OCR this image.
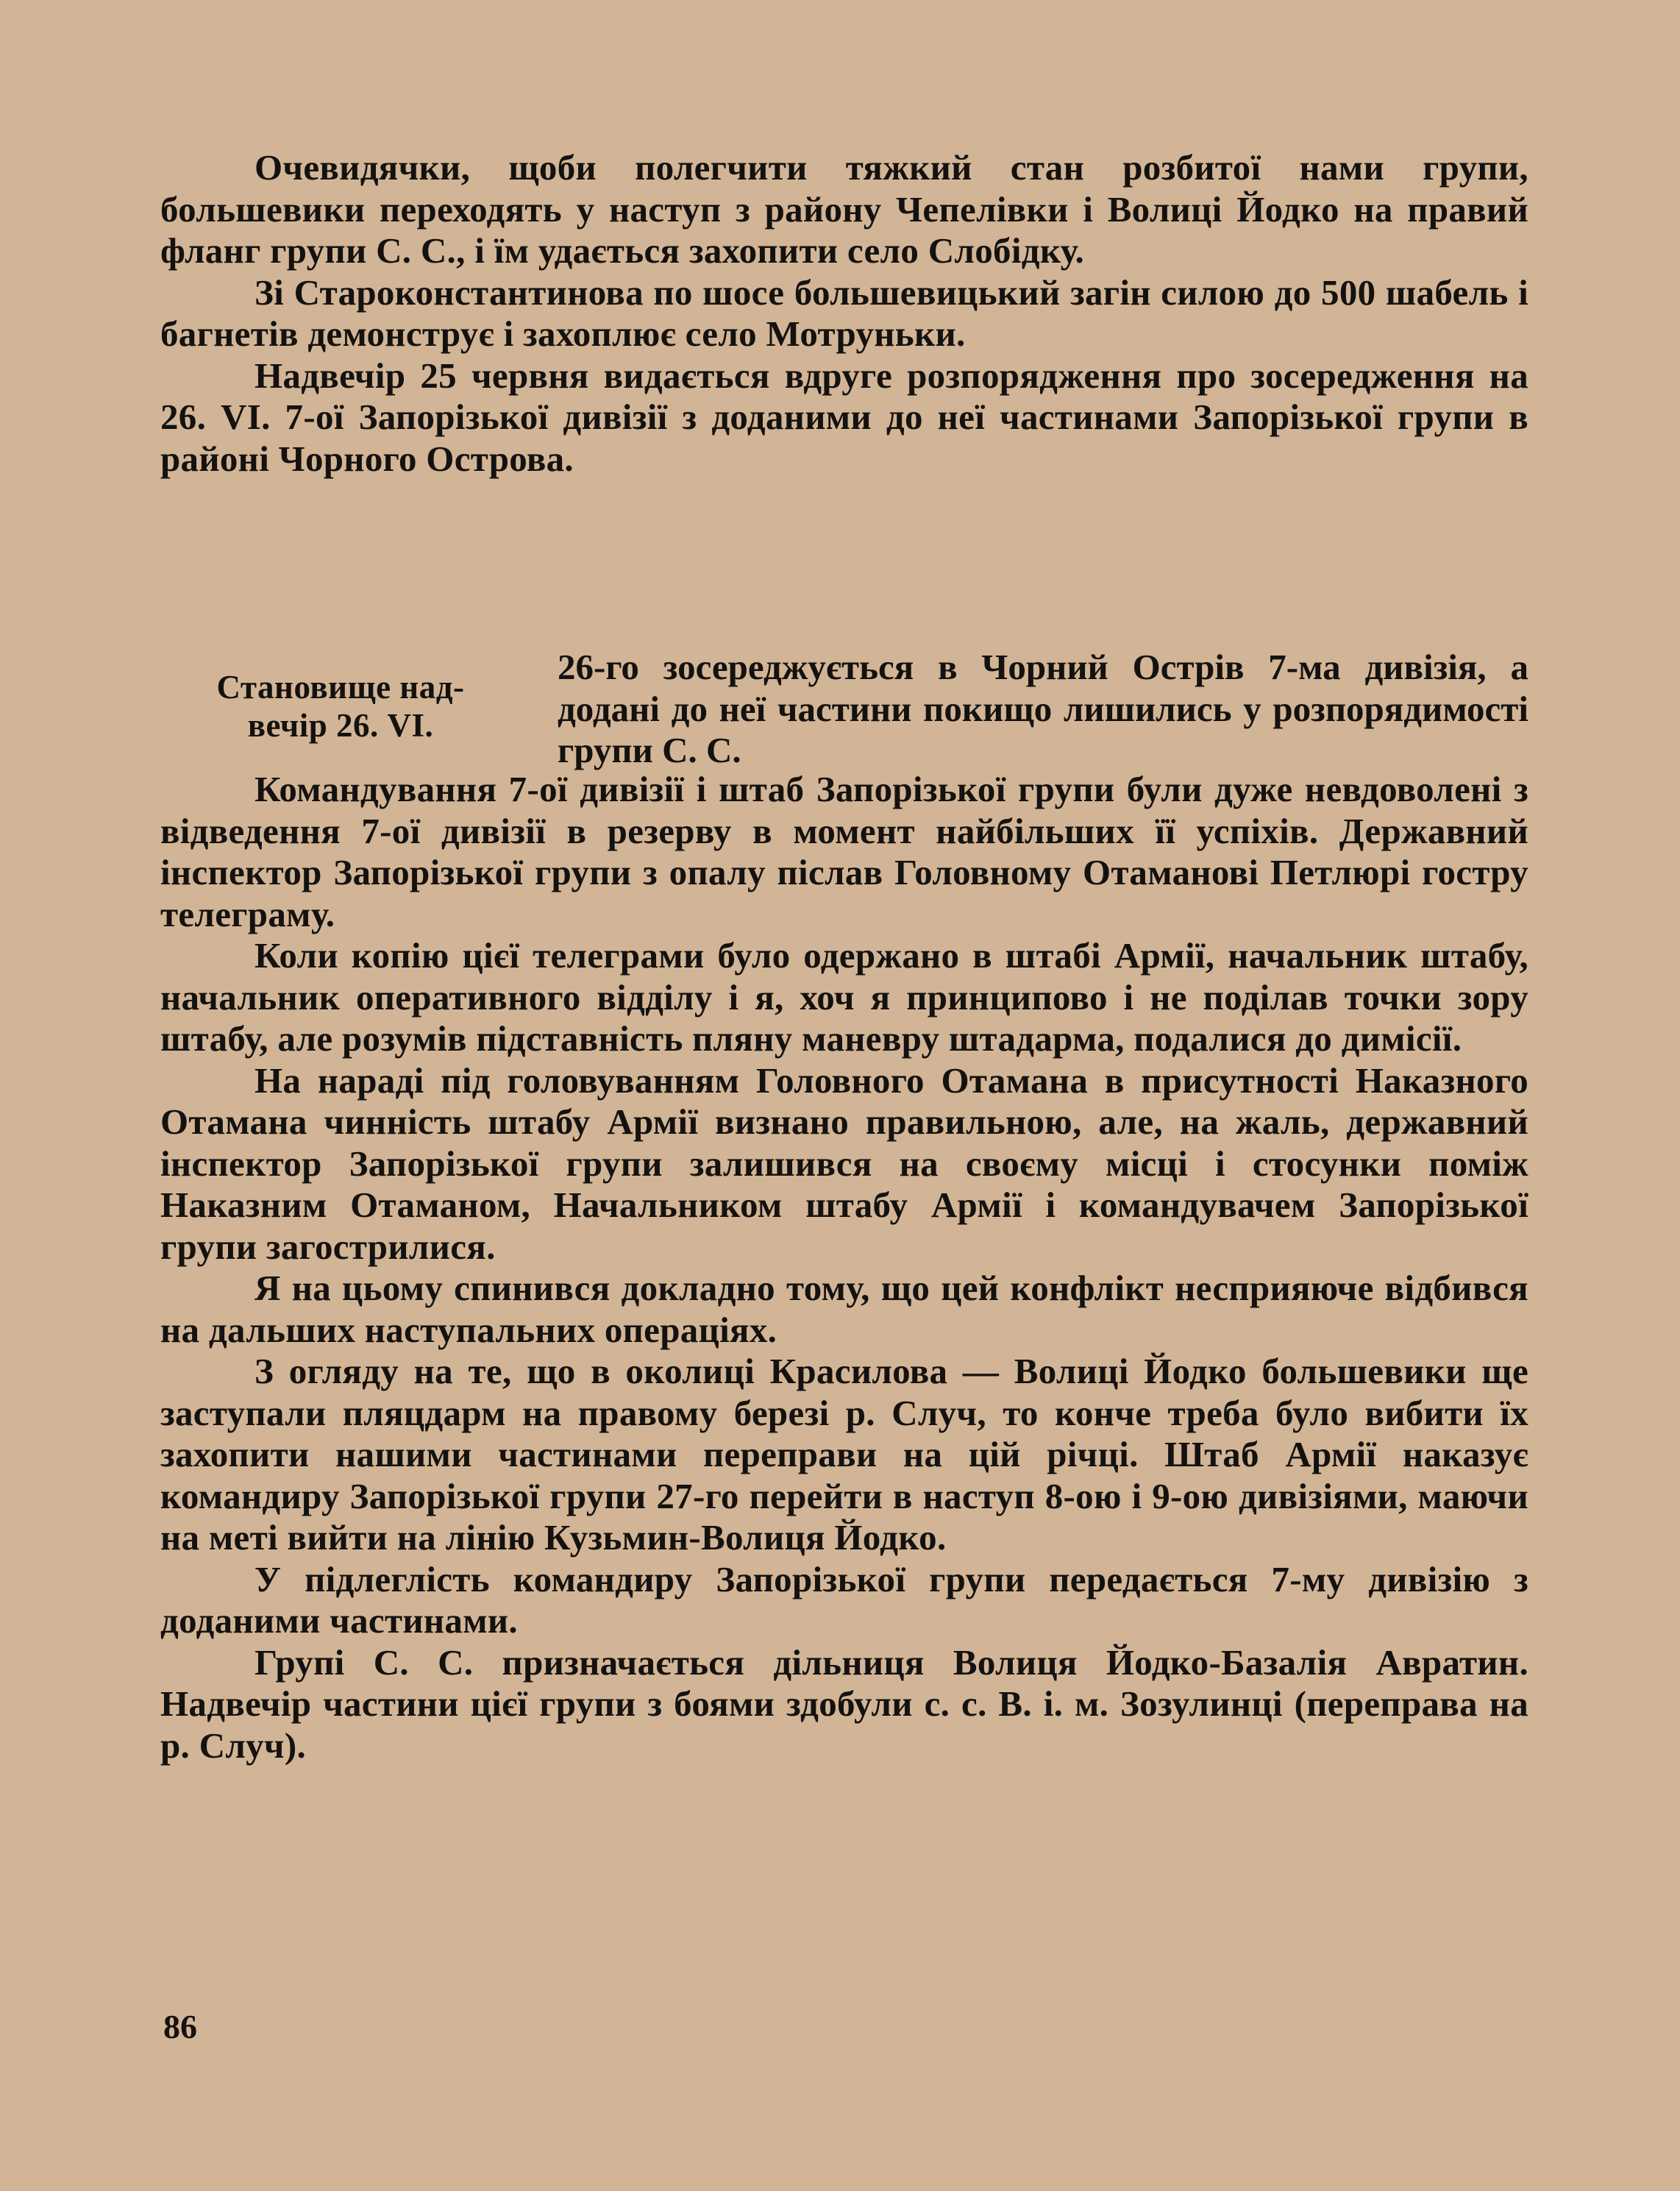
Очевидячки, щоби полегчити тяжкий стан розбитої нами групи, большевики переходять у наступ з району Чепелівки і Волиці Йодко на правий фланг групи С. С., і їм удається захопити село Слобідку.

Зі Староконстантинова по шосе большевицький загін силою до 500 шабель і багнетів демонструє і захоплює село Мотруньки.

Надвечір 25 червня видається вдруге розпорядження про зосередження на 26. VI. 7-ої Запорізької дивізії з доданими до неї частинами Запорізької групи в районі Чорного Острова.

Становище над-
вечір 26. VI.
26-го зосереджується в Чорний Острів 7-ма дивізія, а додані до неї частини покищо лишились у розпорядимості групи С. С.

Командування 7-ої дивізії і штаб Запорізької групи були дуже невдоволені з відведення 7-ої дивізії в резерву в момент найбільших її успіхів. Державний інспектор Запорізької групи з опалу післав Головному Отаманові Петлюрі гостру телеграму.

Коли копію цієї телеграми було одержано в штабі Армії, начальник штабу, начальник оперативного відділу і я, хоч я принципово і не поділав точки зору штабу, але розумів підставність пляну маневру штадарма, подалися до димісії.

На нараді під головуванням Головного Отамана в присутності Наказного Отамана чинність штабу Армії визнано правильною, але, на жаль, державний інспектор Запорізької групи залишився на своєму місці і стосунки поміж Наказним Отаманом, Начальником штабу Армії і командувачем Запорізької групи загострилися.

Я на цьому спинився докладно тому, що цей конфлікт несприяюче відбився на дальших наступальних операціях.

З огляду на те, що в околиці Красилова — Волиці Йодко большевики ще заступали пляцдарм на правому березі р. Случ, то конче треба було вибити їх захопити нашими частинами переправи на цій річці. Штаб Армії наказує командиру Запорізької групи 27-го перейти в наступ 8-ою і 9-ою дивізіями, маючи на меті вийти на лінію Кузьмин-Волиця Йодко.

У підлеглість командиру Запорізької групи передається 7-му дивізію з доданими частинами.

Групі С. С. призначається дільниця Волиця Йодко-Базалія Авратин. Надвечір частини цієї групи з боями здобули с. с. В. і. м. Зозулинці (переправа на р. Случ).

86
